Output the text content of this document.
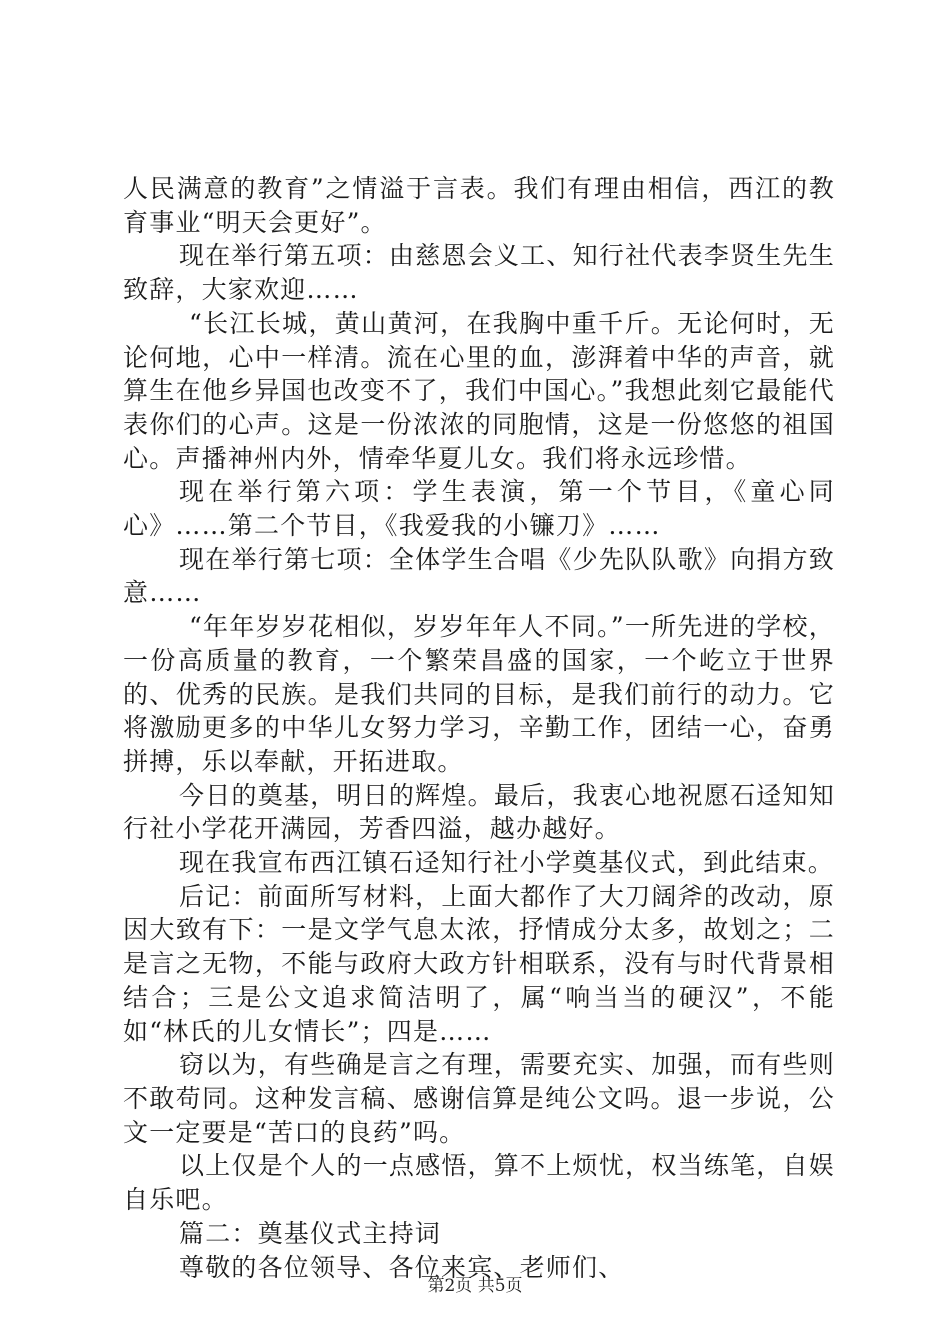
人民满意的教育”之情溢于言表。我们有理由相信，西江的教育事业“明天会更好”。

现在举行第五项：由慈恩会义工、知行社代表李贤生先生致辞，大家欢迎……

“长江长城，黄山黄河，在我胸中重千斤。无论何时，无论何地，心中一样清。流在心里的血，澎湃着中华的声音，就算生在他乡异国也改变不了，我们中国心。”我想此刻它最能代表你们的心声。这是一份浓浓的同胞情，这是一份悠悠的祖国心。声播神州内外，情牵华夏儿女。我们将永远珍惜。

现在举行第六项：学生表演，第一个节目，《童心同心》……第二个节目，《我爱我的小镰刀》……

现在举行第七项：全体学生合唱《少先队队歌》向捐方致意……

“年年岁岁花相似，岁岁年年人不同。”一所先进的学校，一份高质量的教育，一个繁荣昌盛的国家，一个屹立于世界的、优秀的民族。是我们共同的目标，是我们前行的动力。它将激励更多的中华儿女努力学习，辛勤工作，团结一心，奋勇拼搏，乐以奉献，开拓进取。

今日的奠基，明日的辉煌。最后，我衷心地祝愿石迳知知行社小学花开满园，芳香四溢，越办越好。

现在我宣布西江镇石迳知行社小学奠基仪式，到此结束。

后记：前面所写材料，上面大都作了大刀阔斧的改动，原因大致有下：一是文学气息太浓，抒情成分太多，故划之；二是言之无物，不能与政府大政方针相联系，没有与时代背景相结合；三是公文追求简洁明了，属“响当当的硬汉”，不能如“林氏的儿女情长”；四是……

窃以为，有些确是言之有理，需要充实、加强，而有些则不敢苟同。这种发言稿、感谢信算是纯公文吗。退一步说，公文一定要是“苦口的良药”吗。

以上仅是个人的一点感悟，算不上烦忧，权当练笔，自娱自乐吧。

篇二：奠基仪式主持词

尊敬的各位领导、各位来宾、老师们、

第2页 共5页
